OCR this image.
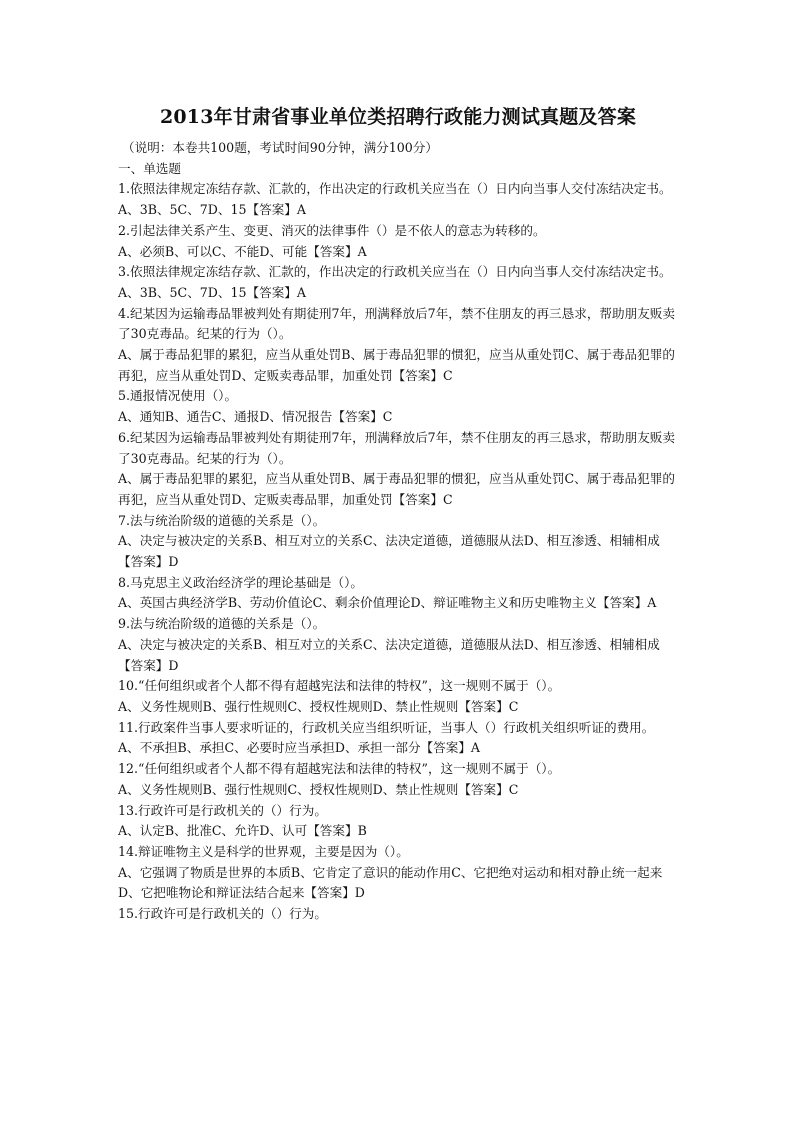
2013年甘肃省事业单位类招聘行政能力测试真题及答案

（说明：本卷共100题，考试时间90分钟，满分100分）

一、单选题

1.依照法律规定冻结存款、汇款的，作出决定的行政机关应当在（）日内向当事人交付冻结决定书。

A、3B、5C、7D、15【答案】A

2.引起法律关系产生、变更、消灭的法律事件（）是不依人的意志为转移的。

A、必须B、可以C、不能D、可能【答案】A

3.依照法律规定冻结存款、汇款的，作出决定的行政机关应当在（）日内向当事人交付冻结决定书。

A、3B、5C、7D、15【答案】A

4.纪某因为运输毒品罪被判处有期徒刑7年，刑满释放后7年，禁不住朋友的再三恳求，帮助朋友贩卖了30克毒品。纪某的行为（）。

A、属于毒品犯罪的累犯，应当从重处罚B、属于毒品犯罪的惯犯，应当从重处罚C、属于毒品犯罪的再犯，应当从重处罚D、定贩卖毒品罪，加重处罚【答案】C

5.通报情况使用（）。

A、通知B、通告C、通报D、情况报告【答案】C

6.纪某因为运输毒品罪被判处有期徒刑7年，刑满释放后7年，禁不住朋友的再三恳求，帮助朋友贩卖了30克毒品。纪某的行为（）。

A、属于毒品犯罪的累犯，应当从重处罚B、属于毒品犯罪的惯犯，应当从重处罚C、属于毒品犯罪的再犯，应当从重处罚D、定贩卖毒品罪，加重处罚【答案】C

7.法与统治阶级的道德的关系是（）。

A、决定与被决定的关系B、相互对立的关系C、法决定道德，道德服从法D、相互渗透、相辅相成【答案】D

8.马克思主义政治经济学的理论基础是（）。

A、英国古典经济学B、劳动价值论C、剩余价值理论D、辩证唯物主义和历史唯物主义【答案】A

9.法与统治阶级的道德的关系是（）。

A、决定与被决定的关系B、相互对立的关系C、法决定道德，道德服从法D、相互渗透、相辅相成【答案】D

10.“任何组织或者个人都不得有超越宪法和法律的特权”，这一规则不属于（）。

A、义务性规则B、强行性规则C、授权性规则D、禁止性规则【答案】C

11.行政案件当事人要求听证的，行政机关应当组织听证，当事人（）行政机关组织听证的费用。

A、不承担B、承担C、必要时应当承担D、承担一部分【答案】A

12.“任何组织或者个人都不得有超越宪法和法律的特权”，这一规则不属于（）。

A、义务性规则B、强行性规则C、授权性规则D、禁止性规则【答案】C

13.行政许可是行政机关的（）行为。

A、认定B、批准C、允许D、认可【答案】B

14.辩证唯物主义是科学的世界观，主要是因为（）。

A、它强调了物质是世界的本质B、它肯定了意识的能动作用C、它把绝对运动和相对静止统一起来D、它把唯物论和辩证法结合起来【答案】D

15.行政许可是行政机关的（）行为。
